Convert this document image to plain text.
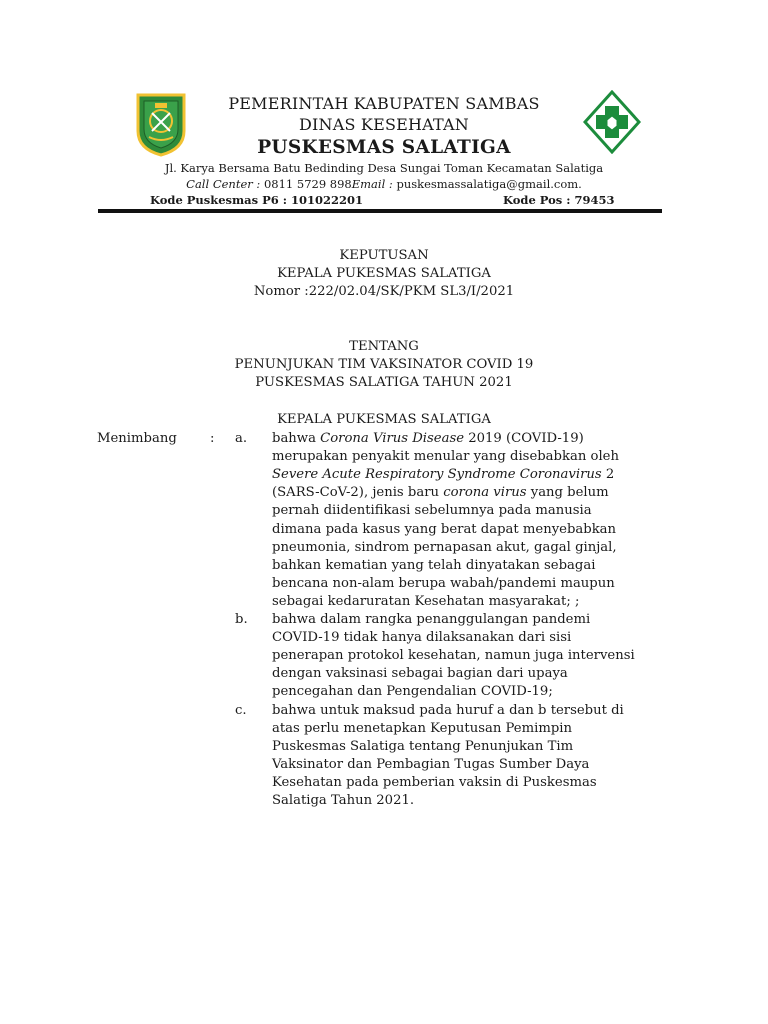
PEMERINTAH KABUPATEN SAMBAS
DINAS KESEHATAN
PUSKESMAS SALATIGA
Jl. Karya Bersama Batu Bedinding Desa Sungai Toman Kecamatan Salatiga
Call Center : 0811 5729 898Email : puskesmassalatiga@gmail.com.
Kode Puskesmas P6 : 101022201	Kode Pos : 79453
KEPUTUSAN
KEPALA PUKESMAS SALATIGA
Nomor :222/02.04/SK/PKM SL3/I/2021
TENTANG
PENUNJUKAN TIM VAKSINATOR COVID 19
PUSKESMAS SALATIGA TAHUN 2021
KEPALA PUKESMAS SALATIGA
Menimbang	: a. bahwa Corona Virus Disease 2019 (COVID-19)
merupakan penyakit menular yang disebabkan oleh
Severe Acute Respiratory Syndrome Coronavirus 2
(SARS-CoV-2), jenis baru corona virus yang belum
pernah diidentifikasi sebelumnya pada manusia
dimana pada kasus yang berat dapat menyebabkan
pneumonia, sindrom pernapasan akut, gagal ginjal,
bahkan kematian yang telah dinyatakan sebagai
bencana non-alam berupa wabah/pandemi maupun
sebagai kedaruratan Kesehatan masyarakat; ;
b. bahwa dalam rangka penanggulangan pandemi
COVID-19 tidak hanya dilaksanakan dari sisi
penerapan protokol kesehatan, namun juga intervensi
dengan vaksinasi sebagai bagian dari upaya
pencegahan dan Pengendalian COVID-19;
c. bahwa untuk maksud pada huruf a dan b tersebut di
atas perlu menetapkan Keputusan Pemimpin
Puskesmas Salatiga tentang Penunjukan Tim
Vaksinator dan Pembagian Tugas Sumber Daya
Kesehatan pada pemberian vaksin di Puskesmas
Salatiga Tahun 2021.
